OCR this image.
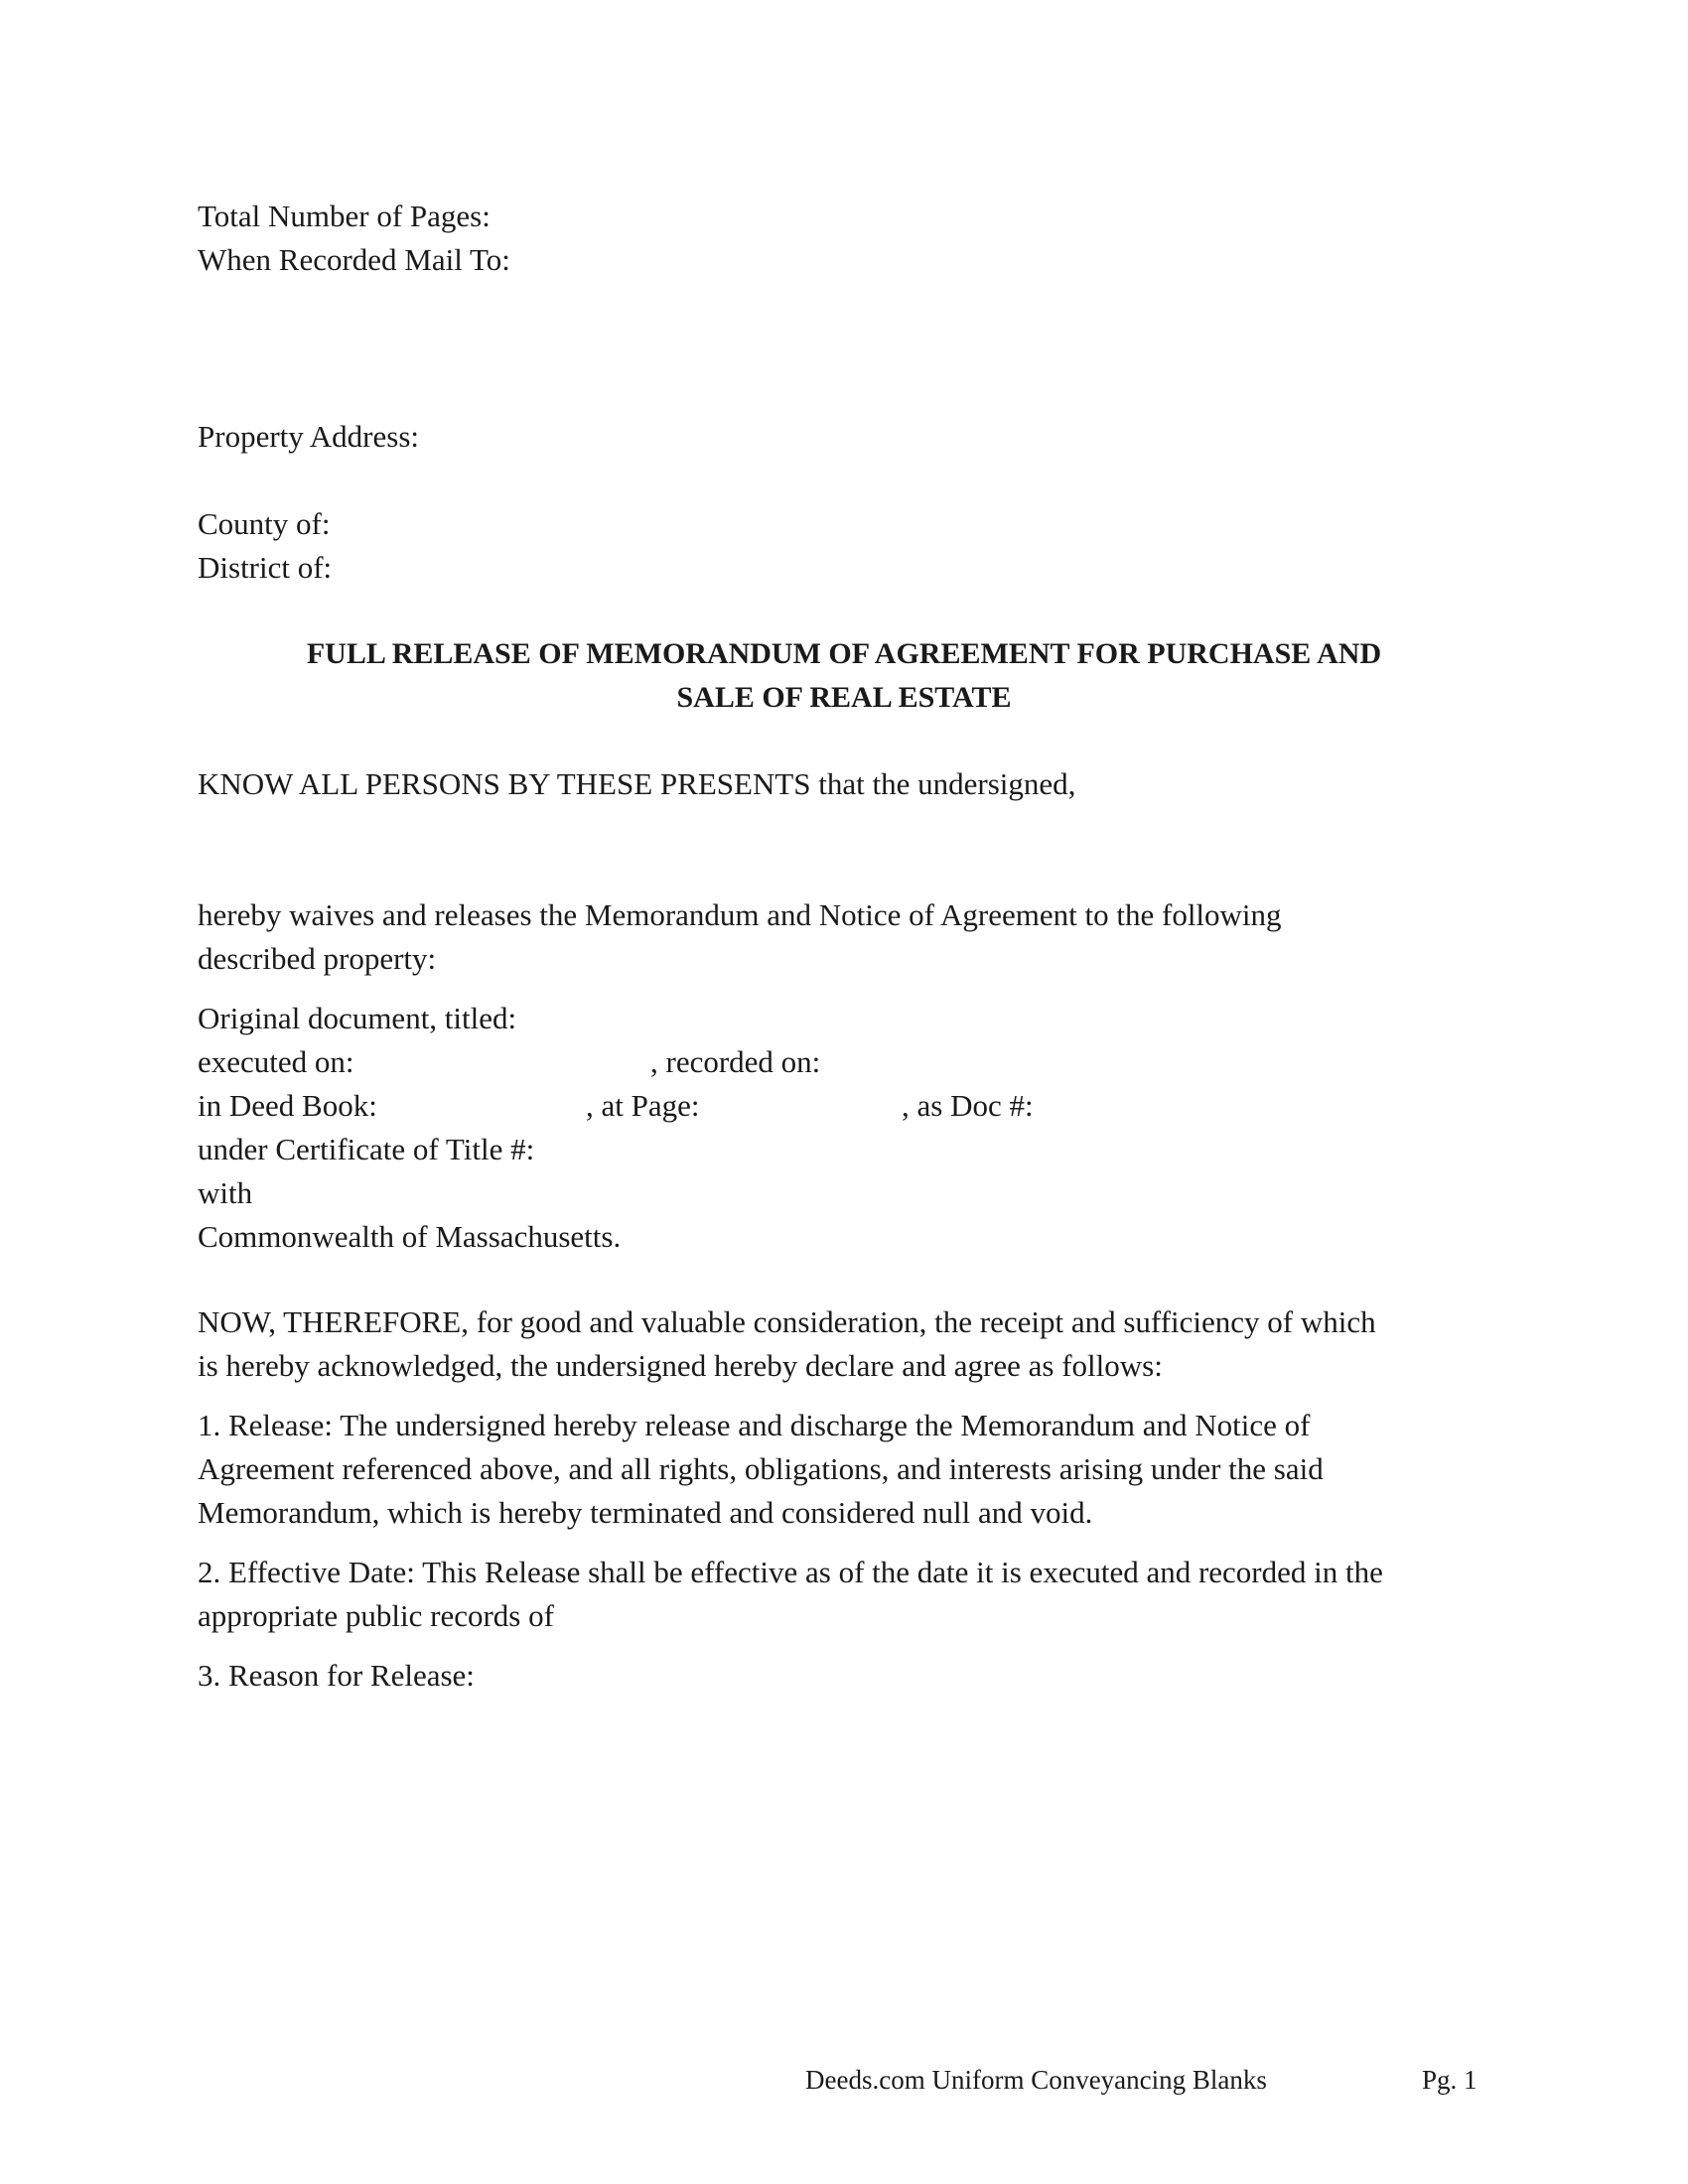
Total Number of Pages:
When Recorded Mail To:
Property Address:
County of:
District of:
FULL RELEASE OF MEMORANDUM OF AGREEMENT FOR PURCHASE AND
SALE OF REAL ESTATE
KNOW ALL PERSONS BY THESE PRESENTS that the undersigned,
hereby waives and releases the Memorandum and Notice of Agreement to the following
described property:
Original document, titled:
executed on:	, recorded on:
in Deed Book:	, at Page:	, as Doc #:
under Certificate of Title #:
with
Commonwealth of Massachusetts.
NOW, THEREFORE, for good and valuable consideration, the receipt and sufficiency of which
is hereby acknowledged, the undersigned hereby declare and agree as follows:
1. Release: The undersigned hereby release and discharge the Memorandum and Notice of
Agreement referenced above, and all rights, obligations, and interests arising under the said
Memorandum, which is hereby terminated and considered null and void.
2. Effective Date: This Release shall be effective as of the date it is executed and recorded in the
appropriate public records of
3. Reason for Release:
Deeds.com Uniform Conveyancing Blanks	Pg. 1
